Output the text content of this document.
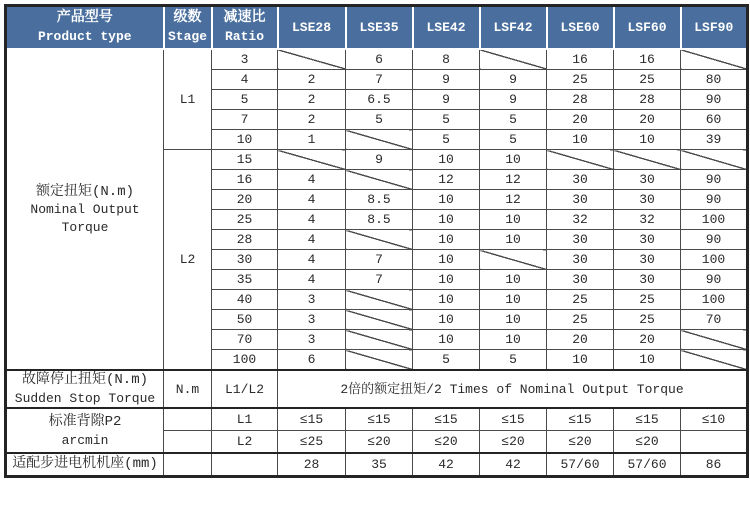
产品型号
Product type

级数
Stage

减速比
Ratio
	LSE28	LSE35	LSE42	LSF42	LSE60	LSF60	LSF90

额定扭矩(N.m)
Nominal Output
Torque	L1	3		6	8		16	16	
		4	2	7	9	9	25	25	80
		5	2	6.5	9	9	28	28	90
		7	2	5	5	5	20	20	60
		10	1		5	5	10	10	39
	L2	15		9	10	10			
		16	4		12	12	30	30	90
		20	4	8.5	10	12	30	30	90
		25	4	8.5	10	10	32	32	100
		28	4		10	10	30	30	90
		30	4	7	10		30	30	100
		35	4	7	10	10	30	30	90
		40	3		10	10	25	25	100
		50	3		10	10	25	25	70
		70	3		10	10	20	20	
		100	6		5	5	10	10	

故障停止扭矩(N.m)
Sudden Stop Torque	N.m	L1/L2	2倍的额定扭矩/2 Times of Nominal Output Torque						

标准背隙P2
arcmin		L1	≤15	≤15	≤15	≤15	≤15	≤15	≤10
		L2	≤25	≤20	≤20	≤20	≤20	≤20	

适配步进电机机座(mm)			28	35	42	42	57/60	57/60	86
